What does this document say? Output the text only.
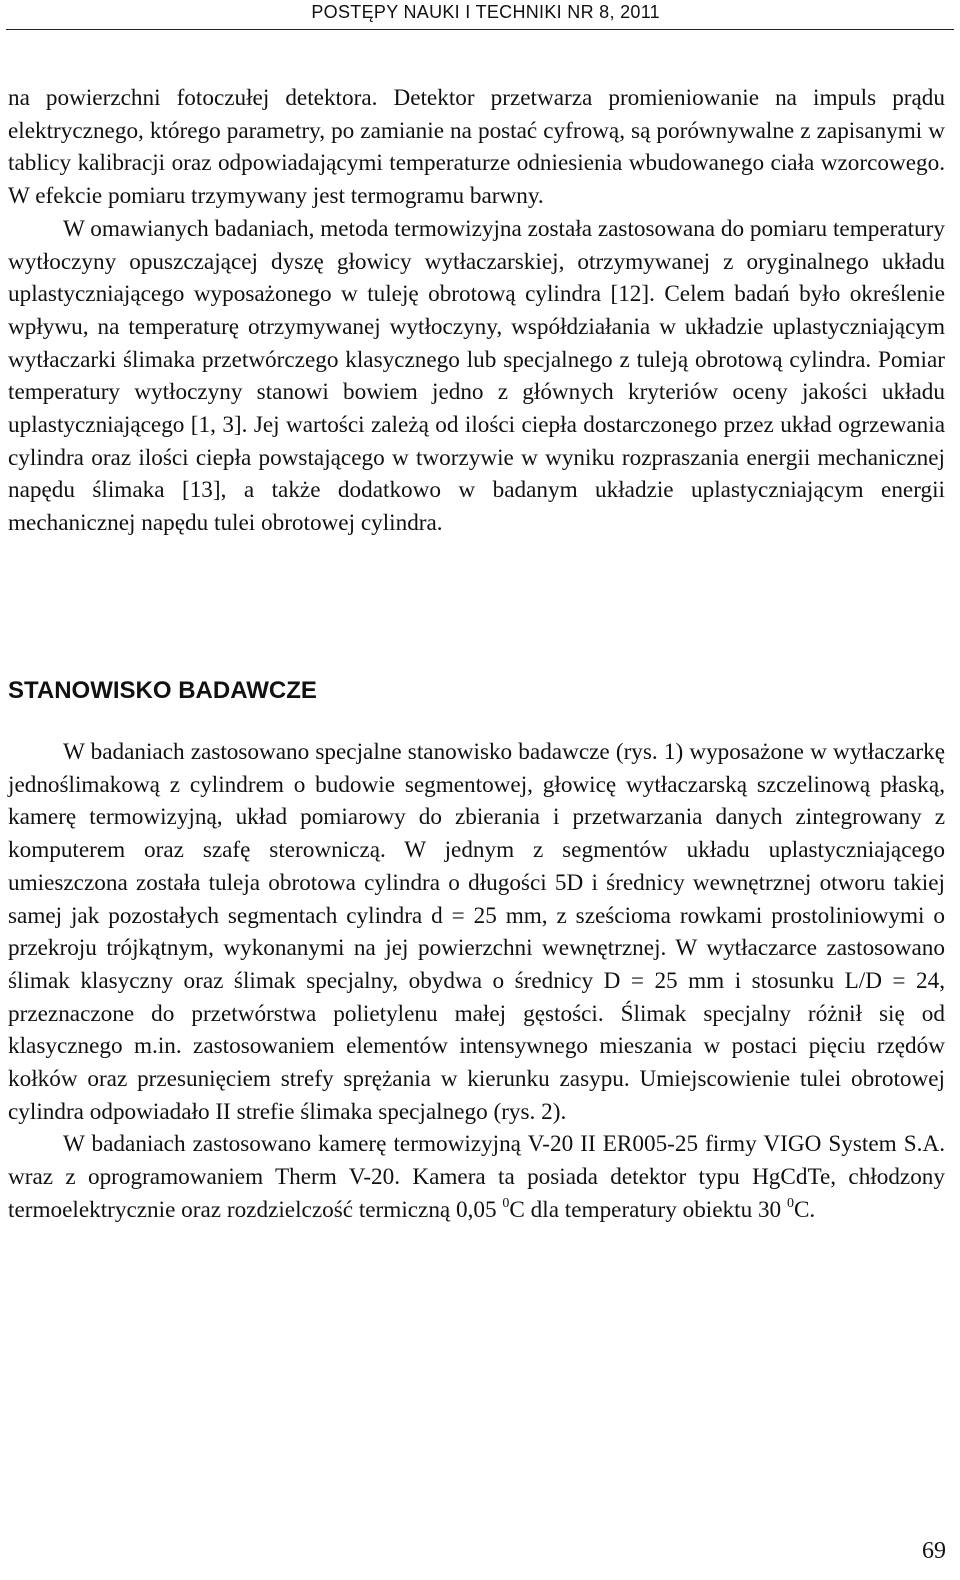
POSTĘPY NAUKI I TECHNIKI NR 8, 2011

na powierzchni fotoczułej detektora. Detektor przetwarza promieniowanie na impuls prądu elektrycznego, którego parametry, po zamianie na postać cyfrową, są porównywalne z zapisanymi w tablicy kalibracji oraz odpowiadającymi temperaturze odniesienia wbudowanego ciała wzorcowego. W efekcie pomiaru trzymywany jest termogramu barwny.

W omawianych badaniach, metoda termowizyjna została zastosowana do pomiaru temperatury wytłoczyny opuszczającej dyszę głowicy wytłaczarskiej, otrzymywanej z oryginalnego układu uplastyczniającego wyposażonego w tuleję obrotową cylindra [12]. Celem badań było określenie wpływu, na temperaturę otrzymywanej wytłoczyny, współdziałania w układzie uplastyczniającym wytłaczarki ślimaka przetwórczego klasycznego lub specjalnego z tuleją obrotową cylindra. Pomiar temperatury wytłoczyny stanowi bowiem jedno z głównych kryteriów oceny jakości układu uplastyczniającego [1, 3]. Jej wartości zależą od ilości ciepła dostarczonego przez układ ogrzewania cylindra oraz ilości ciepła powstającego w tworzywie w wyniku rozpraszania energii mechanicznej napędu ślimaka [13], a także dodatkowo w badanym układzie uplastyczniającym energii mechanicznej napędu tulei obrotowej cylindra.

STANOWISKO BADAWCZE

W badaniach zastosowano specjalne stanowisko badawcze (rys. 1) wyposażone w wytłaczarkę jednoślimakową z cylindrem o budowie segmentowej, głowicę wytłaczarską szczelinową płaską, kamerę termowizyjną, układ pomiarowy do zbierania i przetwarzania danych zintegrowany z komputerem oraz szafę sterowniczą. W jednym z segmentów układu uplastyczniającego umieszczona została tuleja obrotowa cylindra o długości 5D i średnicy wewnętrznej otworu takiej samej jak pozostałych segmentach cylindra d = 25 mm, z sześcioma rowkami prostoliniowymi o przekroju trójkątnym, wykonanymi na jej powierzchni wewnętrznej. W wytłaczarce zastosowano ślimak klasyczny oraz ślimak specjalny, obydwa o średnicy D = 25 mm i stosunku L/D = 24, przeznaczone do przetwórstwa polietylenu małej gęstości. Ślimak specjalny różnił się od klasycznego m.in. zastosowaniem elementów intensywnego mieszania w postaci pięciu rzędów kołków oraz przesunięciem strefy sprężania w kierunku zasypu. Umiejscowienie tulei obrotowej cylindra odpowiadało II strefie ślimaka specjalnego (rys. 2).

W badaniach zastosowano kamerę termowizyjną V-20 II ER005-25 firmy VIGO System S.A. wraz z oprogramowaniem Therm V-20. Kamera ta posiada detektor typu HgCdTe, chłodzony termoelektrycznie oraz rozdzielczość termiczną 0,05 $^0$C dla temperatury obiektu 30 $^0$C.

69
